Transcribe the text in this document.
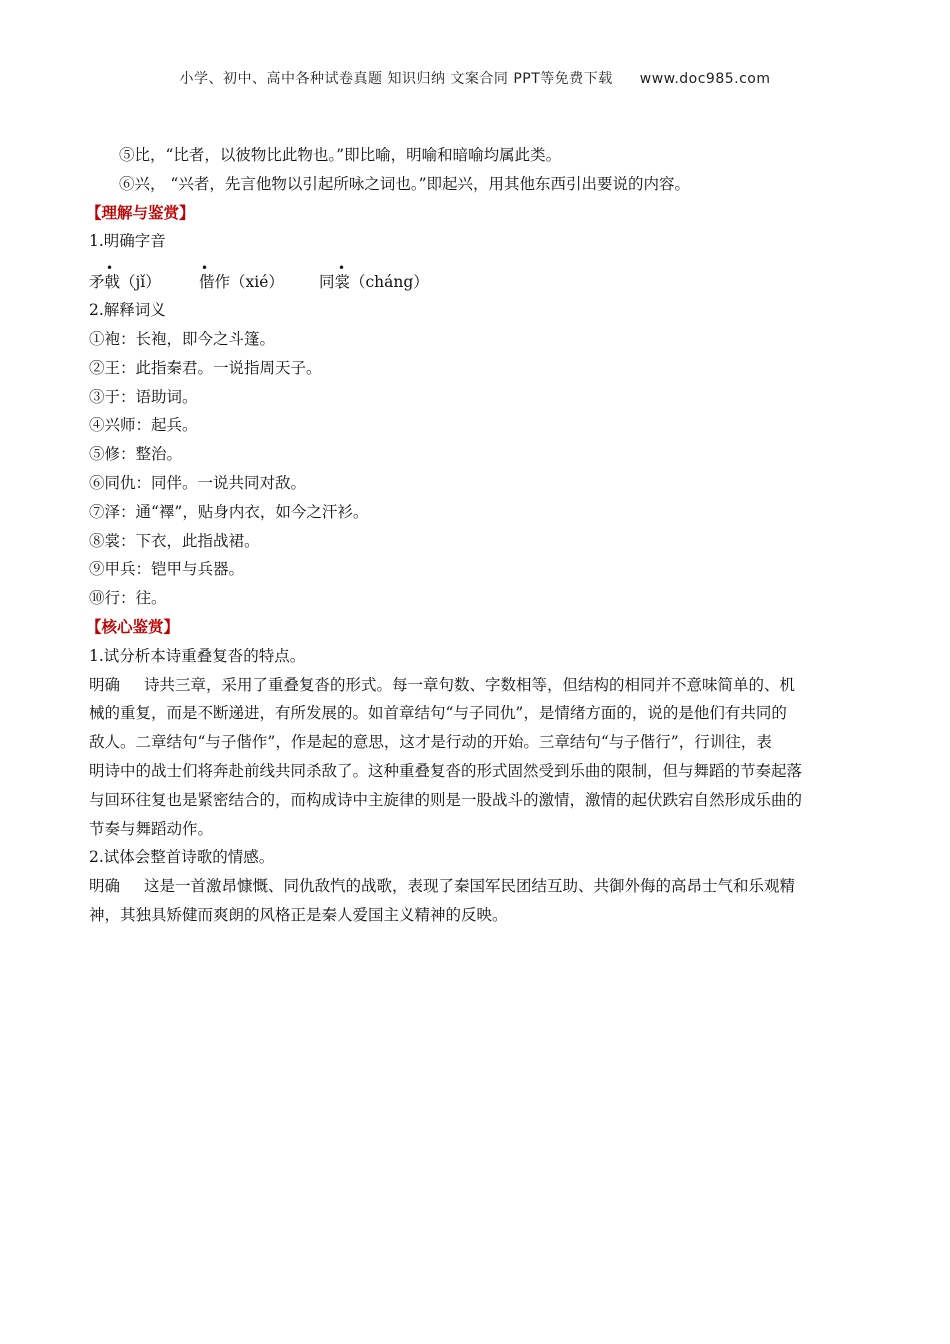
小学、初中、高中各种试卷真题 知识归纳 文案合同 PPT等免费下载 www.doc985.com
⑤比，“比者，以彼物比此物也。”即比喻，明喻和暗喻均属此类。
⑥兴， “兴者，先言他物以引起所咏之词也。”即起兴，用其他东西引出要说的内容。
【理解与鉴赏】
1.明确字音
•
矛戟（jǐ）
•
偕作（xié）
•
同裳（cháng）
2.解释词义
①袍：长袍，即今之斗篷。
②王：此指秦君。一说指周天子。
③于：语助词。
④兴师：起兵。
⑤修：整治。
⑥同仇：同伴。一说共同对敌。
⑦泽：通“襗”，贴身内衣，如今之汗衫。
⑧裳：下衣，此指战裙。
⑨甲兵：铠甲与兵器。
⑩行：往。
【核心鉴赏】
1.试分析本诗重叠复沓的特点。
明确 诗共三章，采用了重叠复沓的形式。每一章句数、字数相等，但结构的相同并不意味简单的、机
械的重复，而是不断递进，有所发展的。如首章结句“与子同仇”，是情绪方面的，说的是他们有共同的
敌人。二章结句“与子偕作”，作是起的意思，这才是行动的开始。三章结句“与子偕行”，行训往，表
明诗中的战士们将奔赴前线共同杀敌了。这种重叠复沓的形式固然受到乐曲的限制，但与舞蹈的节奏起落
与回环往复也是紧密结合的，而构成诗中主旋律的则是一股战斗的激情，激情的起伏跌宕自然形成乐曲的
节奏与舞蹈动作。
2.试体会整首诗歌的情感。
明确 这是一首激昂慷慨、同仇敌忾的战歌，表现了秦国军民团结互助、共御外侮的高昂士气和乐观精
神，其独具矫健而爽朗的风格正是秦人爱国主义精神的反映。
